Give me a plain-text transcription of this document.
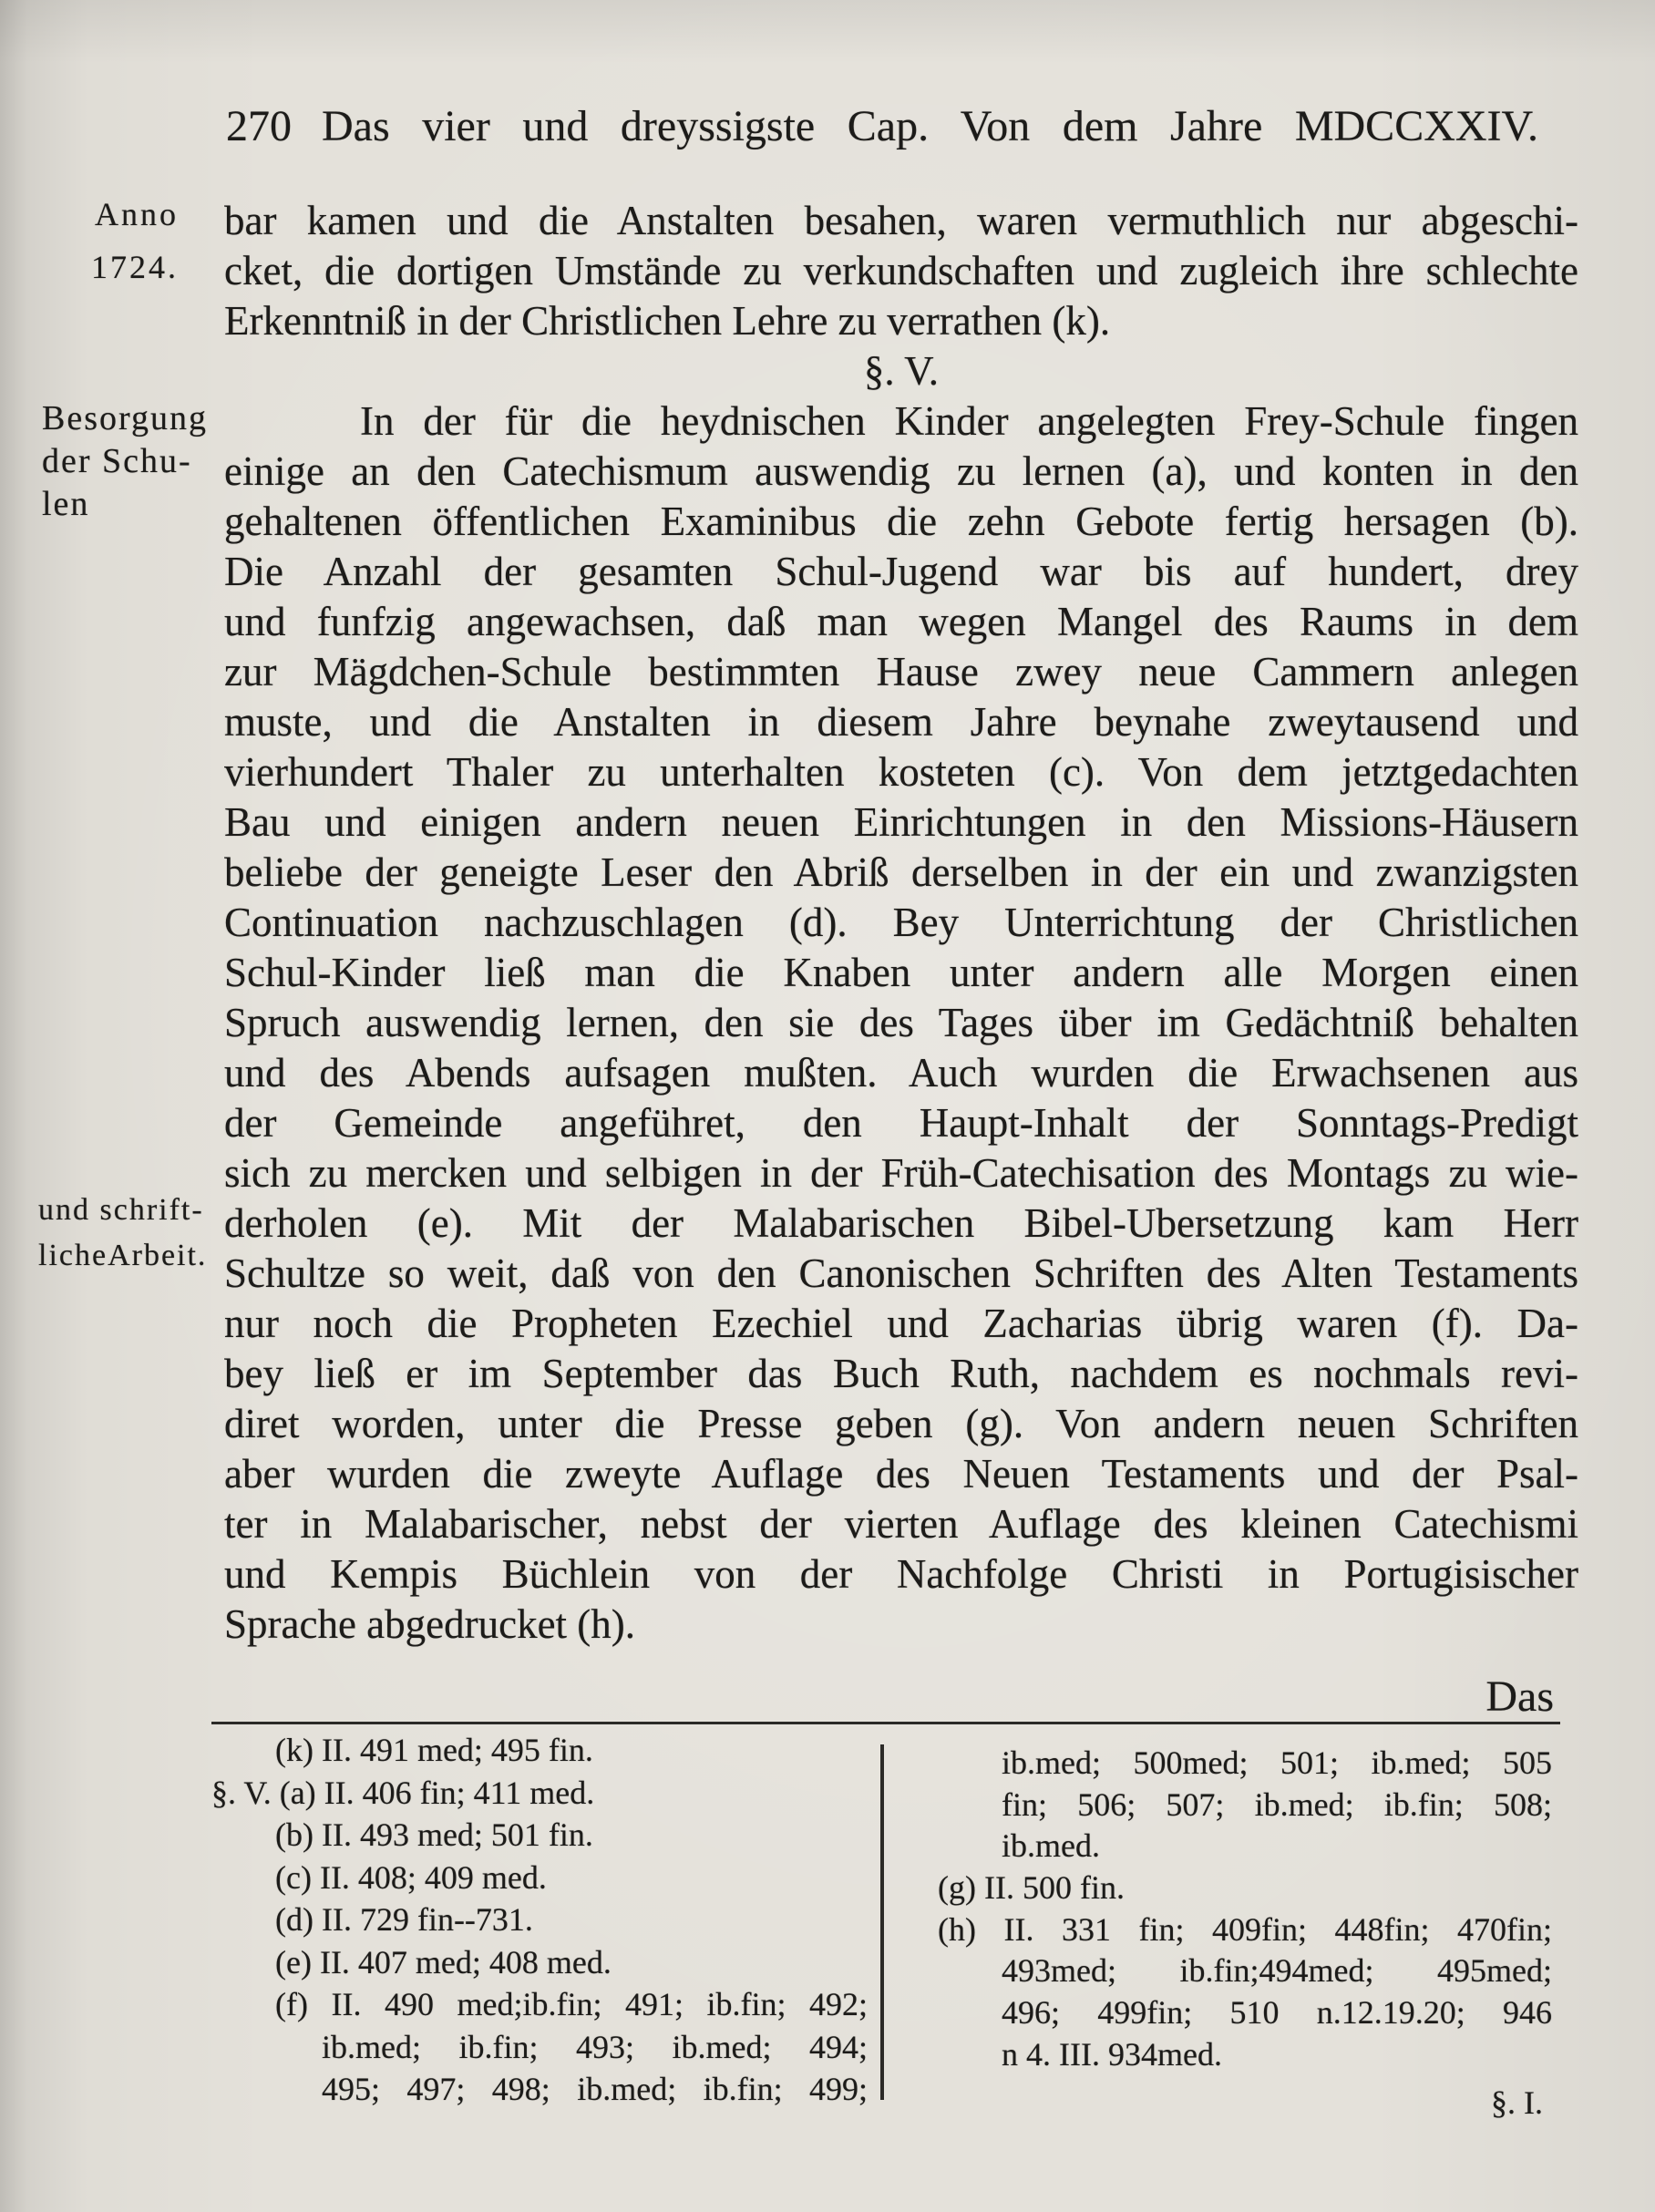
270 Das vier und dreyssigste Cap. Von dem Jahre MDCCXXIV.
Anno
1724.
Besorgung
der Schu-
len
und schrift-
licheArbeit.
bar kamen und die Anstalten besahen, waren vermuthlich nur abgeschi-
cket, die dortigen Umstände zu verkundschaften und zugleich ihre schlechte
Erkenntniß in der Christlichen Lehre zu verrathen (k).
§. V.
In der für die heydnischen Kinder angelegten Frey-Schule fingen
einige an den Catechismum auswendig zu lernen (a), und konten in den
gehaltenen öffentlichen Examinibus die zehn Gebote fertig hersagen (b).
Die Anzahl der gesamten Schul-Jugend war bis auf hundert, drey
und funfzig angewachsen, daß man wegen Mangel des Raums in dem
zur Mägdchen-Schule bestimmten Hause zwey neue Cammern anlegen
muste, und die Anstalten in diesem Jahre beynahe zweytausend und
vierhundert Thaler zu unterhalten kosteten (c). Von dem jetztgedachten
Bau und einigen andern neuen Einrichtungen in den Missions-Häusern
beliebe der geneigte Leser den Abriß derselben in der ein und zwanzigsten
Continuation nachzuschlagen (d). Bey Unterrichtung der Christlichen
Schul-Kinder ließ man die Knaben unter andern alle Morgen einen
Spruch auswendig lernen, den sie des Tages über im Gedächtniß behalten
und des Abends aufsagen mußten. Auch wurden die Erwachsenen aus
der Gemeinde angeführet, den Haupt-Inhalt der Sonntags-Predigt
sich zu mercken und selbigen in der Früh-Catechisation des Montags zu wie-
derholen (e). Mit der Malabarischen Bibel-Ubersetzung kam Herr
Schultze so weit, daß von den Canonischen Schriften des Alten Testaments
nur noch die Propheten Ezechiel und Zacharias übrig waren (f). Da-
bey ließ er im September das Buch Ruth, nachdem es nochmals revi-
diret worden, unter die Presse geben (g). Von andern neuen Schriften
aber wurden die zweyte Auflage des Neuen Testaments und der Psal-
ter in Malabarischer, nebst der vierten Auflage des kleinen Catechismi
und Kempis Büchlein von der Nachfolge Christi in Portugisischer
Sprache abgedrucket (h).
Das
(k) II. 491 med; 495 fin.
§. V. (a) II. 406 fin; 411 med.
(b) II. 493 med; 501 fin.
(c) II. 408; 409 med.
(d) II. 729 fin--731.
(e) II. 407 med; 408 med.
(f) II. 490 med;ib.fin; 491; ib.fin; 492;
ib.med; ib.fin; 493; ib.med; 494;
495; 497; 498; ib.med; ib.fin; 499;
ib.med; 500med; 501; ib.med; 505
fin; 506; 507; ib.med; ib.fin; 508;
ib.med.
(g) II. 500 fin.
(h) II. 331 fin; 409fin; 448fin; 470fin;
493med; ib.fin;494med; 495med;
496; 499fin; 510 n.12.19.20; 946
n 4. III. 934med.
§. I.
